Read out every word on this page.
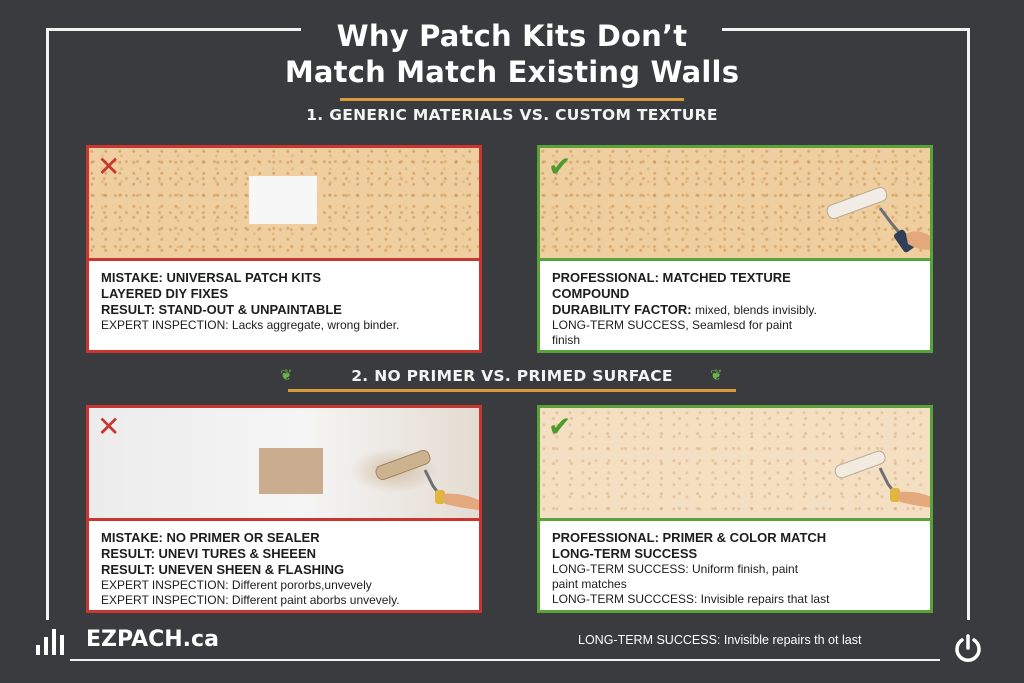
Why Patch Kits Don’t
Match Match Existing Walls
1. GENERIC MATERIALS VS. CUSTOM TEXTURE
✕
MISTAKE: UNIVERSAL PATCH KITS
LAYERED DIY FIXES
RESULT: STAND-OUT & UNPAINTABLE
EXPERT INSPECTION: Lacks aggregate, wrong binder.
✔
PROFESSIONAL: MATCHED TEXTURE
COMPOUND
DURABILITY FACTOR: mixed, blends invisibly.
LONG-TERM SUCCESS, Seamlesd for paint
finish
❦	2. NO PRIMER VS. PRIMED SURFACE	❦
✕
MISTAKE: NO PRIMER OR SEALER
RESULT: UNEVI TURES & SHEEEN
RESULT: UNEVEN SHEEN & FLASHING
EXPERT INSPECTION: Different pororbs,unvevely
EXPERT INSPECTION: Different paint aborbs unvevely.
✔
PROFESSIONAL: PRIMER & COLOR MATCH
LONG-TERM SUCCESS
LONG-TERM SUCCESS: Uniform finish, paint
paint matches
LONG-TERM SUCCCESS: Invisible repairs that last
EZPACH.ca	LONG-TERM SUCCESS: Invisible repairs th ot last
